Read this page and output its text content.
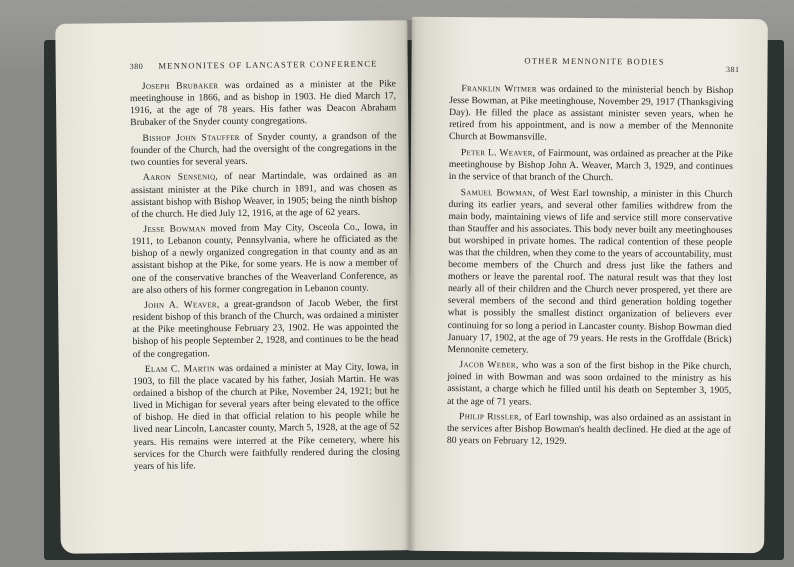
380 MENNONITES OF LANCASTER CONFERENCE

Joseph Brubaker was ordained as a minister at the Pike meetinghouse in 1866, and as bishop in 1903. He died March 17, 1916, at the age of 78 years. His father was Deacon Abraham Brubaker of the Snyder county congregations.

Bishop John Stauffer of Snyder county, a grandson of the founder of the Church, had the oversight of the congregations in the two counties for several years.

Aaron Senseniq, of near Martindale, was ordained as an assistant minister at the Pike church in 1891, and was chosen as assistant bishop with Bishop Weaver, in 1905; being the ninth bishop of the church. He died July 12, 1916, at the age of 62 years.

Jesse Bowman moved from May City, Osceola Co., Iowa, in 1911, to Lebanon county, Pennsylvania, where he officiated as the bishop of a newly organized congregation in that county and as an assistant bishop at the Pike, for some years. He is now a member of one of the conservative branches of the Weaverland Conference, as are also others of his former congregation in Lebanon county.

John A. Weaver, a great-grandson of Jacob Weber, the first resident bishop of this branch of the Church, was ordained a minister at the Pike meetinghouse February 23, 1902. He was appointed the bishop of his people September 2, 1928, and continues to be the head of the congregation.

Elam C. Martin was ordained a minister at May City, Iowa, in 1903, to fill the place vacated by his father, Josiah Martin. He was ordained a bishop of the church at Pike, November 24, 1921; but he lived in Michigan for several years after being elevated to the office of bishop. He died in that official relation to his people while he lived near Lincoln, Lancaster county, March 5, 1928, at the age of 52 years. His remains were interred at the Pike cemetery, where his services for the Church were faithfully rendered during the closing years of his life.

OTHER MENNONITE BODIES
381

Franklin Witmer was ordained to the ministerial bench by Bishop Jesse Bowman, at Pike meetinghouse, November 29, 1917 (Thanksgiving Day). He filled the place as assistant minister seven years, when he retired from his appointment, and is now a member of the Mennonite Church at Bowmansville.

Peter L. Weaver, of Fairmount, was ordained as preacher at the Pike meetinghouse by Bishop John A. Weaver, March 3, 1929, and continues in the service of that branch of the Church.

Samuel Bowman, of West Earl township, a minister in this Church during its earlier years, and several other families withdrew from the main body, maintaining views of life and service still more conservative than Stauffer and his associates. This body never built any meetinghouses but worshiped in private homes. The radical contention of these people was that the children, when they come to the years of accountability, must become members of the Church and dress just like the fathers and mothers or leave the parental roof. The natural result was that they lost nearly all of their children and the Church never prospered, yet there are several members of the second and third generation holding together what is possibly the smallest distinct organization of believers ever continuing for so long a period in Lancaster county. Bishop Bowman died January 17, 1902, at the age of 79 years. He rests in the Groffdale (Brick) Mennonite cemetery.

Jacob Weber, who was a son of the first bishop in the Pike church, joined in with Bowman and was soon ordained to the ministry as his assistant, a charge which he filled until his death on September 3, 1905, at the age of 71 years.

Philip Rissler, of Earl township, was also ordained as an assistant in the services after Bishop Bowman's health declined. He died at the age of 80 years on February 12, 1929.
